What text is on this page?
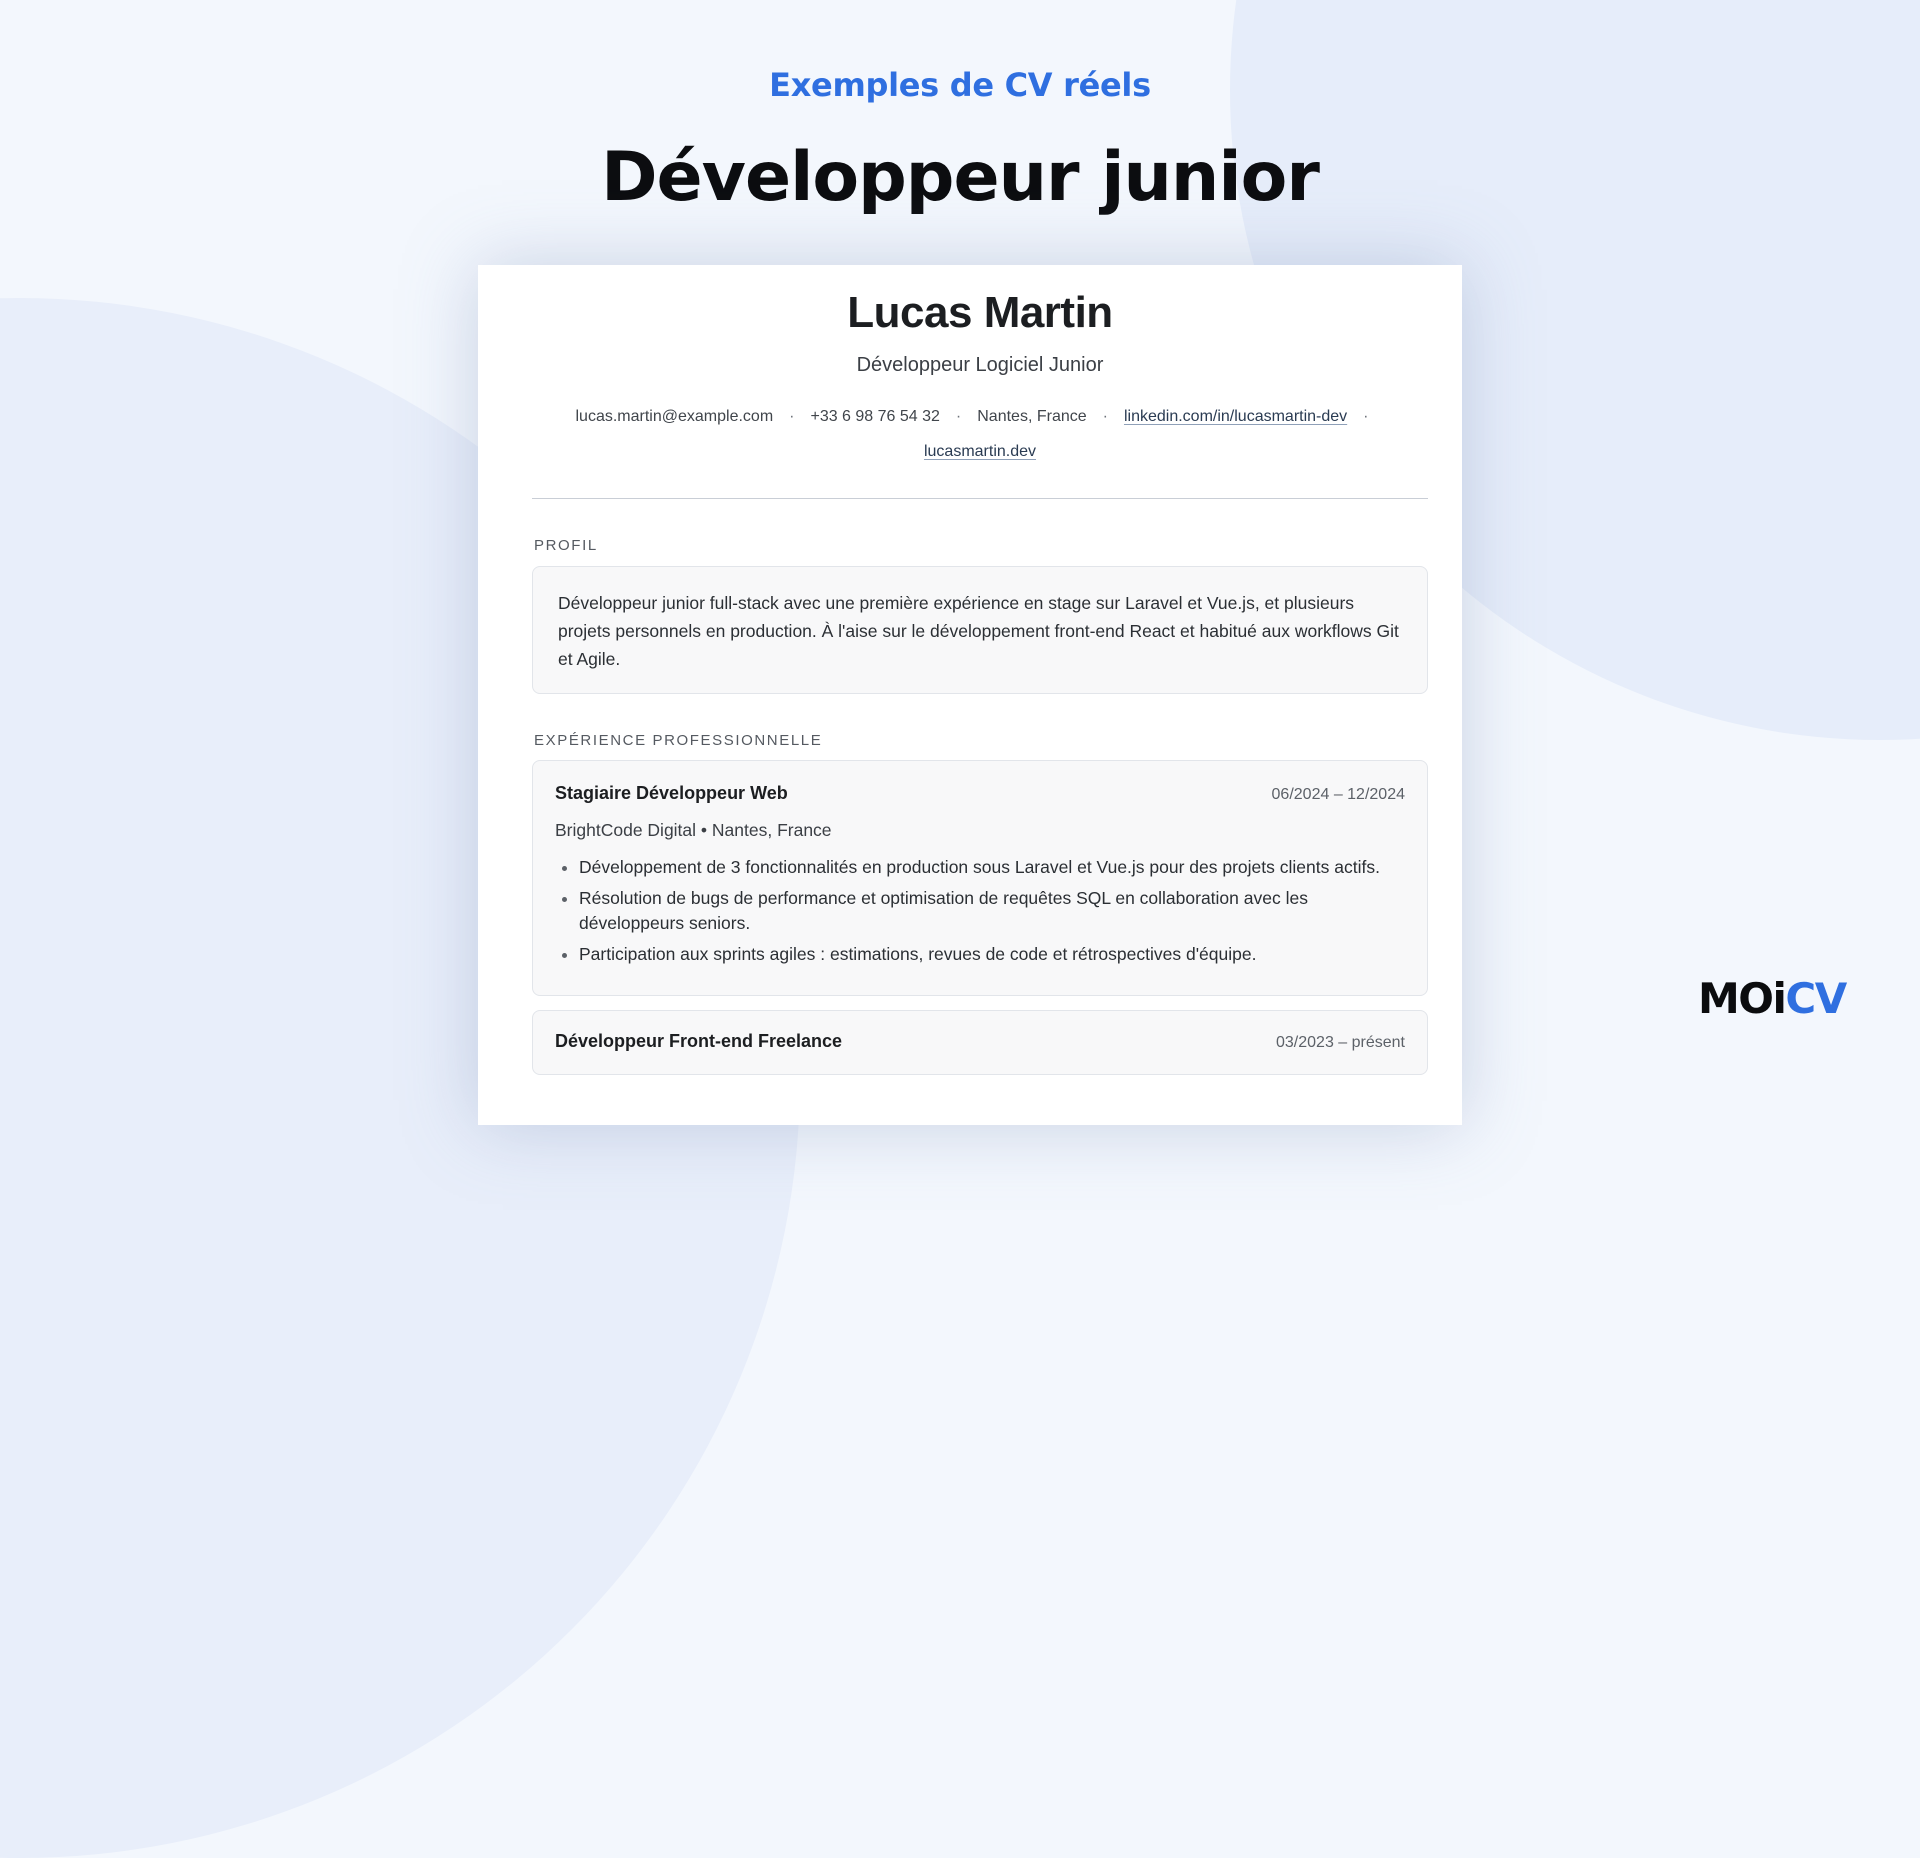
Exemples de CV réels
Développeur junior
Lucas Martin
Développeur Logiciel Junior
lucas.martin@example.com · +33 6 98 76 54 32 · Nantes, France · linkedin.com/in/lucasmartin-dev ·
lucasmartin.dev
PROFIL
Développeur junior full-stack avec une première expérience en stage sur Laravel et Vue.js, et plusieurs projets personnels en production. À l'aise sur le développement front-end React et habitué aux workflows Git et Agile.
EXPÉRIENCE PROFESSIONNELLE
Stagiaire Développeur Web	06/2024 – 12/2024
BrightCode Digital • Nantes, France
• Développement de 3 fonctionnalités en production sous Laravel et Vue.js pour des projets clients actifs.
• Résolution de bugs de performance et optimisation de requêtes SQL en collaboration avec les développeurs seniors.
• Participation aux sprints agiles : estimations, revues de code et rétrospectives d'équipe.
Développeur Front-end Freelance	03/2023 – présent
MOiCV
